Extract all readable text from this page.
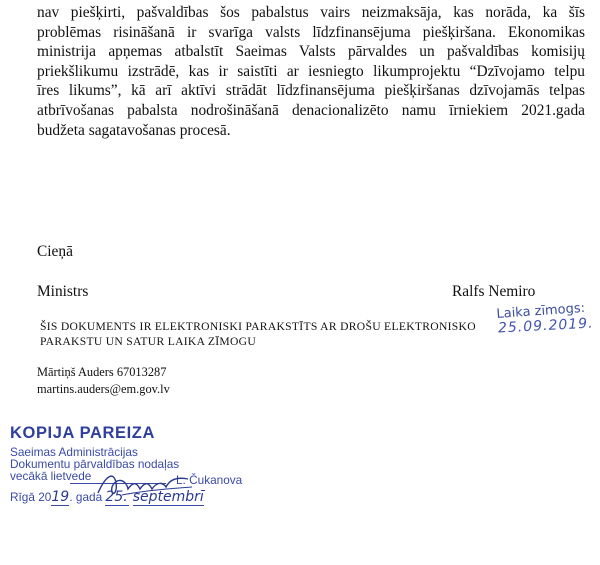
nav piešķirti, pašvaldības šos pabalstus vairs neizmaksāja, kas norāda, ka šīs
problēmas risināšanā ir svarīga valsts līdzfinansējuma piešķiršana. Ekonomikas
ministrija apņemas atbalstīt Saeimas Valsts pārvaldes un pašvaldības komisijų
priekšlikumu izstrādē, kas ir saistīti ar iesniegto likumprojektu “Dzīvojamo telpu
īres likums”, kā arī aktīvi strādāt līdzfinansējuma piešķiršanas dzīvojamās telpas
atbrīvošanas pabalsta nodrošināšanā denacionalizēto namu īrniekiem 2021.gada
budžeta sagatavošanas procesā.
Cieņā
Ministrs	Ralfs Nemiro
Laika zīmogs:
25.09.2019.
ŠIS DOKUMENTS IR ELEKTRONISKI PARAKSTĪTS AR DROŠU ELEKTRONISKO
PARAKSTU UN SATUR LAIKA ZĪMOGU
Mārtiņš Auders 67013287
martins.auders@em.gov.lv
KOPIJA PAREIZA
Saeimas Administrācijas
Dokumentu pārvaldības nodaļas
vecākā lietvede	L. Čukanova
Rīgā 2019. gada 25. septembrī
